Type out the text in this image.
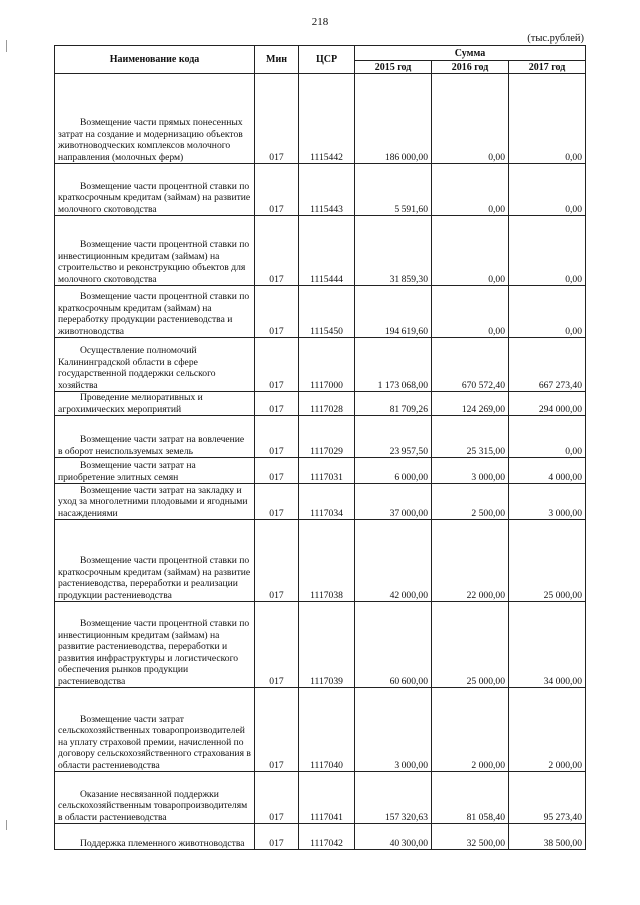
218
(тыс.рублей)
Наименование кода	Мин	ЦСР	Сумма		
			2015 год	2016 год	2017 год
Возмещение части прямых понесенных затрат на создание и модернизацию объектов животноводческих комплексов молочного направления (молочных ферм)	017	1115442	186 000,00	0,00	0,00
Возмещение части процентной ставки по краткосрочным кредитам (займам) на развитие молочного скотоводства	017	1115443	5 591,60	0,00	0,00
Возмещение части процентной ставки по инвестиционным кредитам (займам) на строительство и реконструкцию объектов для молочного скотоводства	017	1115444	31 859,30	0,00	0,00
Возмещение части процентной ставки по краткосрочным кредитам (займам) на переработку продукции растениеводства и животноводства	017	1115450	194 619,60	0,00	0,00
Осуществление полномочий Калининградской области в сфере государственной поддержки сельского хозяйства	017	1117000	1 173 068,00	670 572,40	667 273,40
Проведение мелиоративных и агрохимических мероприятий	017	1117028	81 709,26	124 269,00	294 000,00
Возмещение части затрат на вовлечение в оборот неиспользуемых земель	017	1117029	23 957,50	25 315,00	0,00
Возмещение части затрат на приобретение элитных семян	017	1117031	6 000,00	3 000,00	4 000,00
Возмещение части затрат на закладку и уход за многолетними плодовыми и ягодными насаждениями	017	1117034	37 000,00	2 500,00	3 000,00
Возмещение части процентной ставки по краткосрочным кредитам (займам) на развитие растениеводства, переработки и реализации продукции растениеводства	017	1117038	42 000,00	22 000,00	25 000,00
Возмещение части процентной ставки по инвестиционным кредитам (займам) на развитие растениеводства, переработки и развития инфраструктуры и логистического обеспечения рынков продукции растениеводства	017	1117039	60 600,00	25 000,00	34 000,00
Возмещение части затрат сельскохозяйственных товаропроизводителей на уплату страховой премии, начисленной по договору сельскохозяйственного страхования в области растениеводства	017	1117040	3 000,00	2 000,00	2 000,00
Оказание несвязанной поддержки сельскохозяйственным товаропроизводителям в области растениеводства	017	1117041	157 320,63	81 058,40	95 273,40
Поддержка племенного животноводства	017	1117042	40 300,00	32 500,00	38 500,00
